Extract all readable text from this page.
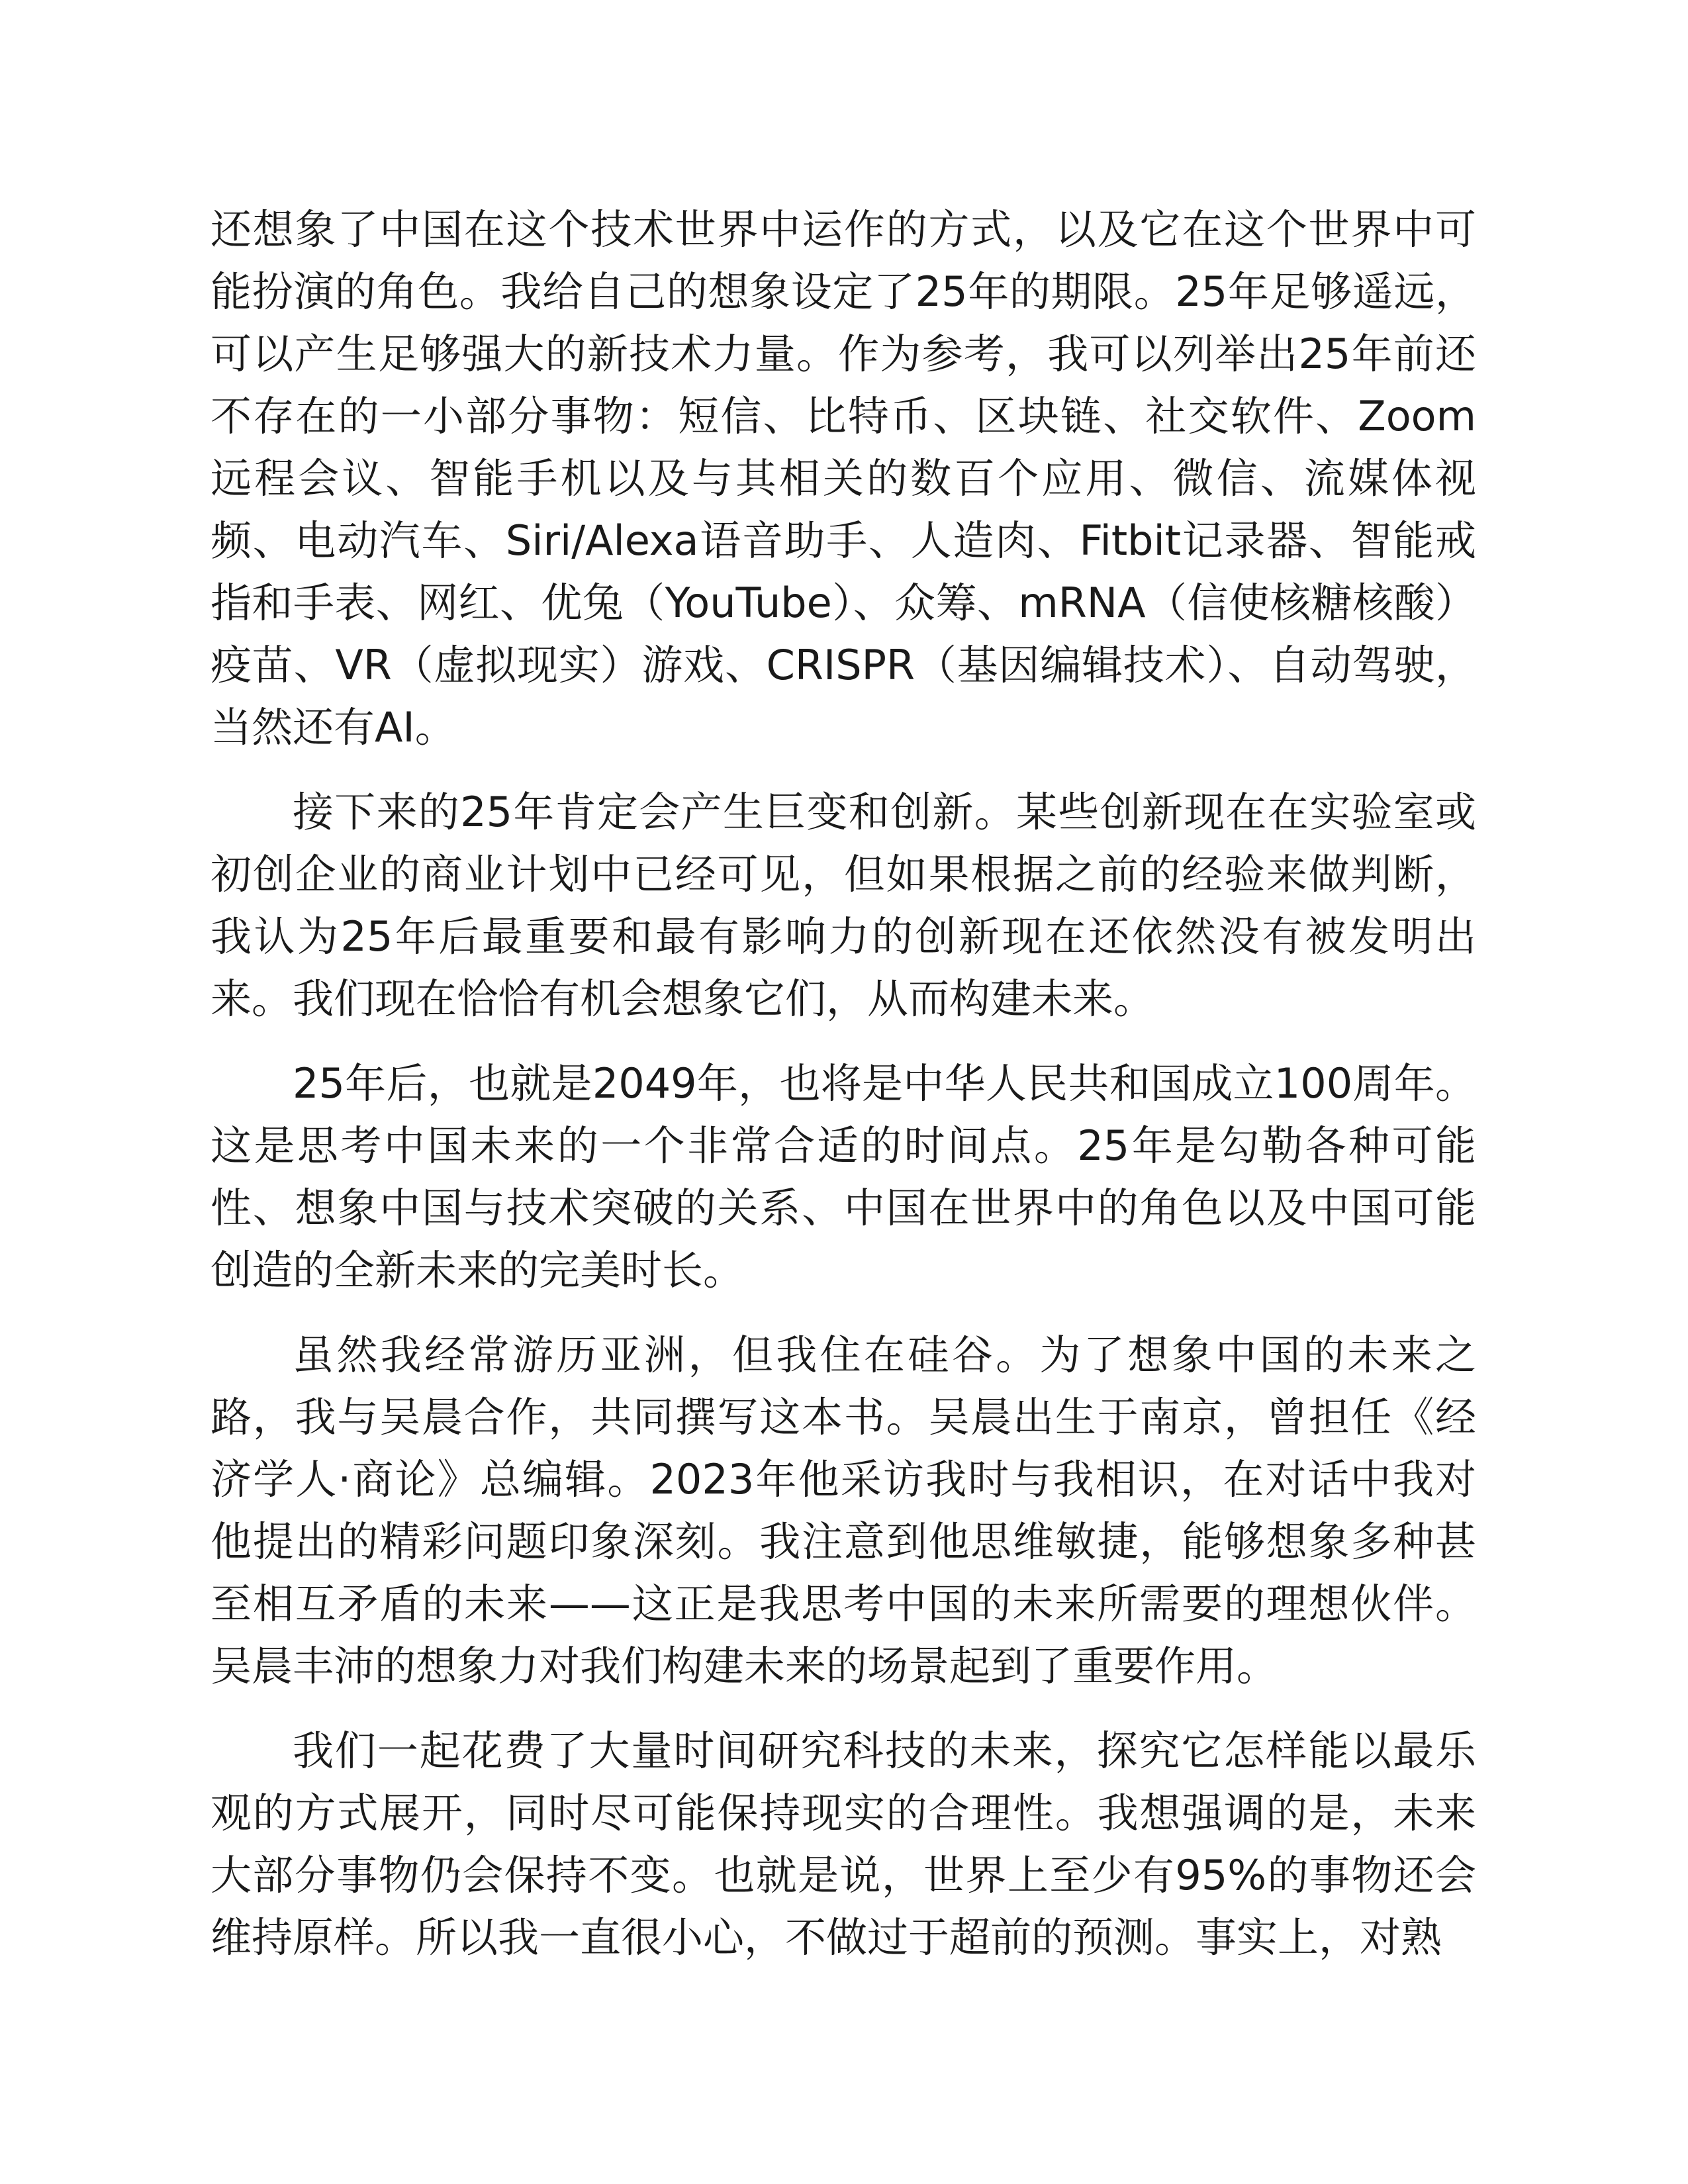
还想象了中国在这个技术世界中运作的方式，以及它在这个世界中可能扮演的角色。我给自己的想象设定了25年的期限。25年足够遥远，可以产生足够强大的新技术力量。作为参考，我可以列举出25年前还不存在的一小部分事物：短信、比特币、区块链、社交软件、Zoom远程会议、智能手机以及与其相关的数百个应用、微信、流媒体视频、电动汽车、Siri/Alexa语音助手、人造肉、Fitbit记录器、智能戒指和手表、网红、优兔（YouTube）、众筹、mRNA（信使核糖核酸）疫苗、VR（虚拟现实）游戏、CRISPR（基因编辑技术）、自动驾驶，当然还有AI。

接下来的25年肯定会产生巨变和创新。某些创新现在在实验室或初创企业的商业计划中已经可见，但如果根据之前的经验来做判断，我认为25年后最重要和最有影响力的创新现在还依然没有被发明出来。我们现在恰恰有机会想象它们，从而构建未来。

25年后，也就是2049年，也将是中华人民共和国成立100周年。这是思考中国未来的一个非常合适的时间点。25年是勾勒各种可能性、想象中国与技术突破的关系、中国在世界中的角色以及中国可能创造的全新未来的完美时长。

虽然我经常游历亚洲，但我住在硅谷。为了想象中国的未来之路，我与吴晨合作，共同撰写这本书。吴晨出生于南京，曾担任《经济学人·商论》总编辑。2023年他采访我时与我相识，在对话中我对他提出的精彩问题印象深刻。我注意到他思维敏捷，能够想象多种甚至相互矛盾的未来——这正是我思考中国的未来所需要的理想伙伴。吴晨丰沛的想象力对我们构建未来的场景起到了重要作用。

我们一起花费了大量时间研究科技的未来，探究它怎样能以最乐观的方式展开，同时尽可能保持现实的合理性。我想强调的是，未来大部分事物仍会保持不变。也就是说，世界上至少有95%的事物还会维持原样。所以我一直很小心，不做过于超前的预测。事实上，对熟
